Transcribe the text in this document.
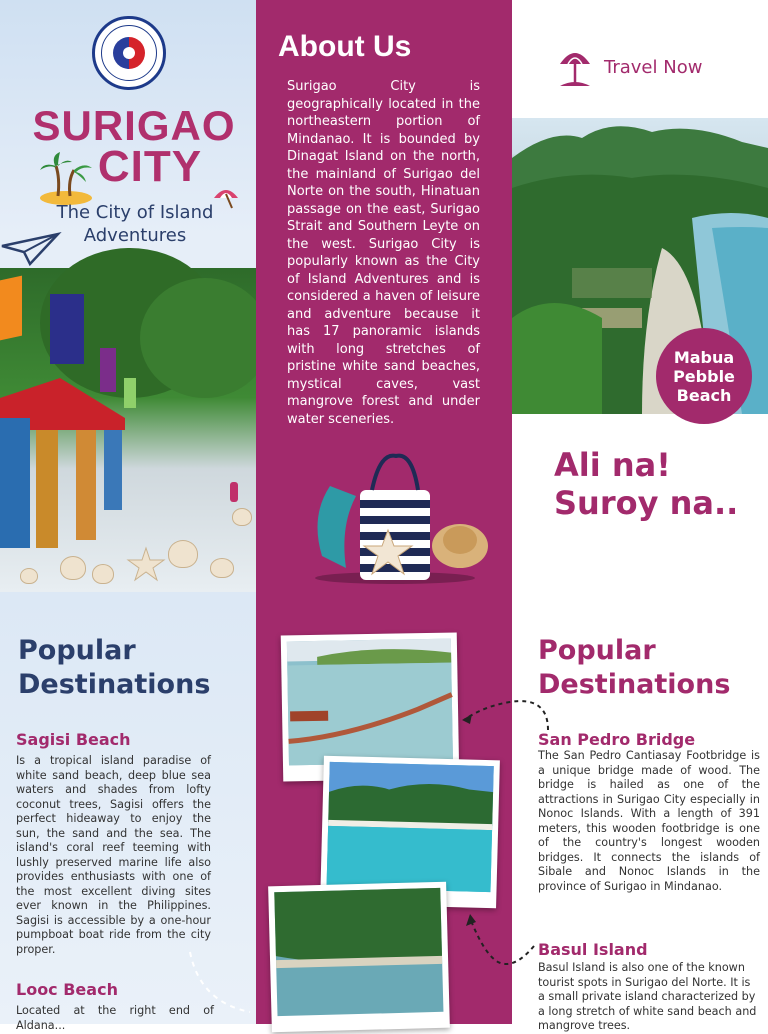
SURIGAO
CITY
The City of Island
Adventures
About Us
Surigao City is geographically located in the northeastern portion of Mindanao. It is bounded by Dinagat Island on the north, the mainland of Surigao del Norte on the south, Hinatuan passage on the east, Surigao Strait and Southern Leyte on the west. Surigao City is popularly known as the City of Island Adventures and is considered a haven of leisure and adventure because it has 17 panoramic islands with long stretches of pristine white sand beaches, mystical caves, vast mangrove forest and under water sceneries.
Travel Now
Mabua
Pebble
Beach
Ali na!
Suroy na..
Popular
Destinations
Sagisi Beach
Is a tropical island paradise of white sand beach, deep blue sea waters and shades from lofty coconut trees, Sagisi offers the perfect hideaway to enjoy the sun, the sand and the sea. The island's coral reef teeming with lushly preserved marine life also provides enthusiasts with one of the most excellent diving sites ever known in the Philippines. Sagisi is accessible by a one-hour pumpboat boat ride from the city proper.
Looc Beach
Located at the right end of Aldana...
Popular
Destinations
San Pedro Bridge
The San Pedro Cantiasay Footbridge is a unique bridge made of wood. The bridge is hailed as one of the attractions in Surigao City especially in Nonoc Islands. With a length of 391 meters, this wooden footbridge is one of the country's longest wooden bridges. It connects the islands of Sibale and Nonoc Islands in the province of Surigao in Mindanao.
Basul Island
Basul Island is also one of the known tourist spots in Surigao del Norte. It is a small private island characterized by a long stretch of white sand beach and mangrove trees.
